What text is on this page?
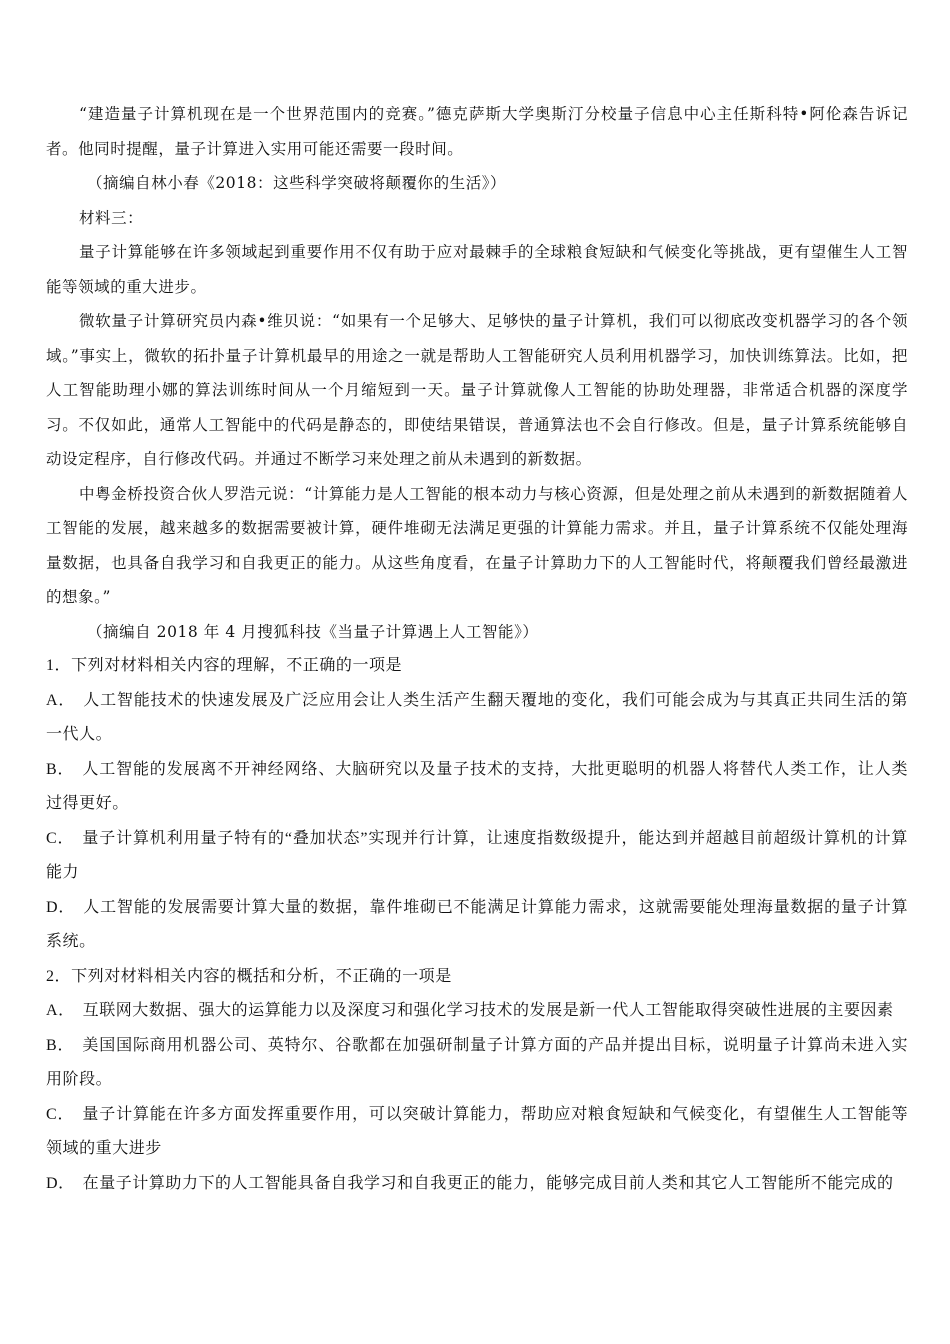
“建造量子计算机现在是一个世界范围内的竞赛。”德克萨斯大学奥斯汀分校量子信息中心主任斯科特•阿伦森告诉记者。他同时提醒，量子计算进入实用可能还需要一段时间。

（摘编自林小春《2018：这些科学突破将颠覆你的生活》）

材料三：

量子计算能够在许多领域起到重要作用不仅有助于应对最棘手的全球粮食短缺和气候变化等挑战，更有望催生人工智能等领域的重大进步。

微软量子计算研究员内森•维贝说：“如果有一个足够大、足够快的量子计算机，我们可以彻底改变机器学习的各个领域。”事实上，微软的拓扑量子计算机最早的用途之一就是帮助人工智能研究人员利用机器学习，加快训练算法。比如，把人工智能助理小娜的算法训练时间从一个月缩短到一天。量子计算就像人工智能的协助处理器，非常适合机器的深度学习。不仅如此，通常人工智能中的代码是静态的，即使结果错误，普通算法也不会自行修改。但是，量子计算系统能够自动设定程序，自行修改代码。并通过不断学习来处理之前从未遇到的新数据。

中粤金桥投资合伙人罗浩元说：“计算能力是人工智能的根本动力与核心资源，但是处理之前从未遇到的新数据随着人工智能的发展，越来越多的数据需要被计算，硬件堆砌无法满足更强的计算能力需求。并且，量子计算系统不仅能处理海量数据，也具备自我学习和自我更正的能力。从这些角度看，在量子计算助力下的人工智能时代，将颠覆我们曾经最激进的想象。”

（摘编自 2018 年 4 月搜狐科技《当量子计算遇上人工智能》）

1．下列对材料相关内容的理解，不正确的一项是

A． 人工智能技术的快速发展及广泛应用会让人类生活产生翻天覆地的变化，我们可能会成为与其真正共同生活的第一代人。

B． 人工智能的发展离不开神经网络、大脑研究以及量子技术的支持，大批更聪明的机器人将替代人类工作，让人类过得更好。

C． 量子计算机利用量子特有的“叠加状态”实现并行计算，让速度指数级提升，能达到并超越目前超级计算机的计算能力

D． 人工智能的发展需要计算大量的数据，靠件堆砌已不能满足计算能力需求，这就需要能处理海量数据的量子计算系统。

2．下列对材料相关内容的概括和分析，不正确的一项是

A． 互联网大数据、强大的运算能力以及深度习和强化学习技术的发展是新一代人工智能取得突破性进展的主要因素

B． 美国国际商用机器公司、英特尔、谷歌都在加强研制量子计算方面的产品并提出目标，说明量子计算尚未进入实用阶段。

C． 量子计算能在许多方面发挥重要作用，可以突破计算能力，帮助应对粮食短缺和气候变化，有望催生人工智能等领域的重大进步

D． 在量子计算助力下的人工智能具备自我学习和自我更正的能力，能够完成目前人类和其它人工智能所不能完成的
